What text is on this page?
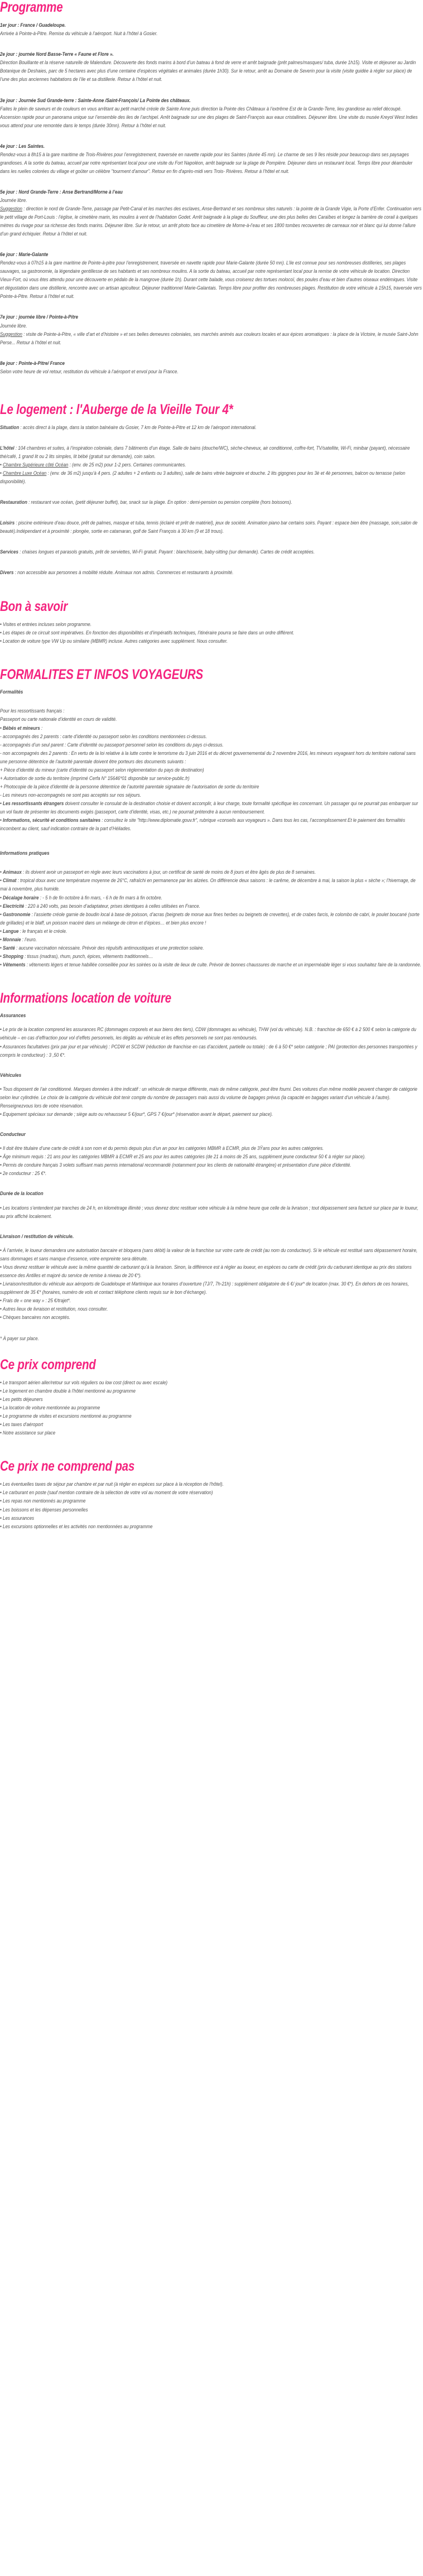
Programme
1er jour : France / Guadeloupe.
Arrivée à Pointe-à-Pitre. Remise du véhicule à l’aéroport. Nuit à l’hôtel à Gosier.
2e jour : journée Nord Basse-Terre « Faune et Flore ».
Direction Bouillante et la réserve naturelle de Malendure. Découverte des fonds marins à bord d’un bateau à fond de verre et arrêt baignade (prêt palmes/masques/ tuba, durée 1h15). Visite et déjeuner au Jardin Botanique de Deshaies, parc de 5 hectares avec plus d’une centaine d’espèces végétales et animales (durée 1h30). Sur le retour, arrêt au Domaine de Severin pour la visite (visite guidée à régler sur place) de l’une des plus anciennes habitations de l’ile et sa distillerie. Retour à l’hôtel et nuit.
3e jour : Journée Sud Grande-terre : Sainte-Anne /Saint-François/ La Pointe des châteaux.
Faites le plein de saveurs et de couleurs en vous arrêtant au petit marché créole de Sainte Anne puis direction la Pointe des Châteaux à l’extrême Est de la Grande-Terre, lieu grandiose au relief découpé. Ascension rapide pour un panorama unique sur l’ensemble des iles de l’archipel. Arrêt baignade sur une des plages de Saint-François aux eaux cristallines. Déjeuner libre. Une visite du musée Kreyol West Indies vous attend pour une remontée dans le temps (durée 30mn). Retour à l’hôtel et nuit.
4e jour : Les Saintes.
Rendez-vous à 8h15 à la gare maritime de Trois-Rivières pour l’enregistrement, traversée en navette rapide pour les Saintes (durée 45 mn). Le charme de ses 9 îles réside pour beaucoup dans ses paysages grandioses. A la sortie du bateau, accueil par notre représentant local pour une visite du Fort Napoléon, arrêt baignade sur la plage de Pompière. Déjeuner dans un restaurant local. Temps libre pour déambuler dans les ruelles colorées du village et goûter un célèbre "tourment d'amour". Retour en fin d'après-midi vers Trois- Rivières. Retour à l’hôtel et nuit.
5e jour : Nord Grande-Terre : Anse Bertrand/Morne à l’eau
Journée libre.
Suggestion : direction le nord de Grande-Terre, passage par Petit-Canal et les marches des esclaves, Anse-Bertrand et ses nombreux sites naturels : la pointe de la Grande Vigie, la Porte d’Enfer. Continuation vers le petit village de Port-Louis : l’église, le cimetière marin, les moulins à vent de l’habitation Godet. Arrêt baignade à la plage du Souffleur, une des plus belles des Caraïbes et longez la barrière de corail à quelques mètres du rivage pour sa richesse des fonds marins. Déjeuner libre. Sur le retour, un arrêt photo face au cimetière de Morne-à-l’eau et ses 1800 tombes recouvertes de carreaux noir et blanc qui lui donne l’allure d’un grand échiquier. Retour à l’hôtel et nuit.
6e jour : Marie-Galante
Rendez-vous à 07h15 à la gare maritime de Pointe-à-pitre pour l’enregistrement, traversée en navette rapide pour Marie-Galante (durée 50 mn). L’ile est connue pour ses nombreuses distilleries, ses plages sauvages, sa gastronomie, la légendaire gentillesse de ses habitants et ses nombreux moulins. A la sortie du bateau, accueil par notre représentant local pour la remise de votre véhicule de location. Direction Vieux-Fort, où vous êtes attendu pour une découverte en pédalo de la mangrove (durée 1h). Durant cette balade, vous croiserez des tortues molocoï, des poules d’eau et bien d’autres oiseaux endémiques. Visite et dégustation dans une distillerie, rencontre avec un artisan apiculteur. Déjeuner traditionnel Marie-Galantais. Temps libre pour profiter des nombreuses plages. Restitution de votre véhicule à 15h15, traversée vers Pointe-à-Pitre. Retour à l’hôtel et nuit.
7e jour : journée libre / Pointe-à-Pitre
Journée libre.
Suggestion : visite de Pointe-à-Pitre, « ville d’art et d’histoire » et ses belles demeures coloniales, ses marchés animés aux couleurs locales et aux épices aromatiques : la place de la Victoire, le musée Saint-John Perse... Retour à l’hôtel et nuit.
8e jour : Pointe-à-Pitre/ France
Selon votre heure de vol retour, restitution du véhicule à l’aéroport et envol pour la France.
Le logement : l'Auberge de la Vieille Tour 4*
Situation : accès direct à la plage, dans la station balnéaire du Gosier, 7 km de Pointe-à-Pitre et 12 km de l’aéroport international.
L’hôtel : 104 chambres et suites, à l’inspiration coloniale, dans 7 bâtiments d’un étage. Salle de bains (douche/WC), sèche-cheveux, air conditionné, coffre-fort, TV/satellite, Wi-Fi, minibar (payant), nécessaire thé/café, 1 grand lit ou 2 lits simples, lit bébé (gratuit sur demande), coin salon.
• Chambre Supérieure côté Océan : (env. de 25 m2) pour 1-2 pers. Certaines communicantes.
• Chambre Luxe Océan : (env. de 36 m2) jusqu’à 4 pers. (2 adultes + 2 enfants ou 3 adultes), salle de bains vitrée baignoire et douche. 2 lits gigognes pour les 3è et 4è personnes, balcon ou terrasse (selon disponibilité).
Restauration : restaurant vue océan, (petit déjeuner buffet), bar, snack sur la plage. En option : demi-pension ou pension complète (hors boissons).
Loisirs : piscine extérieure d’eau douce, prêt de palmes, masque et tuba, tennis (éclairé et prêt de matériel), jeux de société. Animation piano bar certains soirs. Payant : espace bien être (massage, soin,salon de beauté).Indépendant et à proximité : plongée, sortie en catamaran, golf de Saint François à 30 km (9 et 18 trous).
Services : chaises longues et parasols gratuits, prêt de serviettes, Wi-Fi gratuit. Payant : blanchisserie, baby-sitting (sur demande). Cartes de crédit acceptées.
Divers : non accessible aux personnes à mobilité réduite. Animaux non admis. Commerces et restaurants à proximité.
Bon à savoir
• Visites et entrées incluses selon programme.
• Les étapes de ce circuit sont impératives. En fonction des disponibilités et d’impératifs techniques, l’itinéraire pourra se faire dans un ordre différent.
• Location de voiture type VW Up ou similaire (MBMR) incluse. Autres catégories avec supplément. Nous consulter.
FORMALITES ET INFOS VOYAGEURS
Formalités
Pour les ressortissants français :
Passeport ou carte nationale d’identité en cours de validité.
• Bébés et mineurs :
- accompagnés des 2 parents : carte d’identité ou passeport selon les conditions mentionnées ci-dessus.
- accompagnés d’un seul parent : Carte d’identité ou passeport personnel selon les conditions du pays ci-dessus.
- non accompagnés des 2 parents : En vertu de la loi relative à la lutte contre le terrorisme du 3 juin 2016 et du décret gouvernemental du 2 novembre 2016, les mineurs voyageant hors du territoire national sans une personne détentrice de l’autorité parentale doivent être porteurs des documents suivants :
+ Pièce d’identité du mineur (carte d’identité ou passeport selon règlementation du pays de destination)
+ Autorisation de sortie du territoire (imprimé Cerfa N° 15646*01 disponible sur service-public.fr)
+ Photocopie de la pièce d’identité de la personne détentrice de l’autorité parentale signataire de l’autorisation de sortie du territoire
- Les mineurs non-accompagnés ne sont pas acceptés sur nos séjours.
• Les ressortissants étrangers doivent consulter le consulat de la destination choisie et doivent accomplir, à leur charge, toute formalité spécifique les concernant. Un passager qui ne pourrait pas embarquer sur un vol faute de présenter les documents exigés (passeport, carte d’identité, visas, etc.) ne pourrait prétendre à aucun remboursement.
• Informations, sécurité et conditions sanitaires : consultez le site "http://www.diplomatie.gouv.fr", rubrique «conseils aux voyageurs ». Dans tous les cas, l’accomplissement Et le paiement des formalités incombent au client, sauf indication contraire de la part d’Héliades.
Informations pratiques
• Animaux : ils doivent avoir un passeport en règle avec leurs vaccinations à jour, un certificat de santé de moins de 8 jours et être âgés de plus de 8 semaines.
• Climat : tropical doux avec une température moyenne de 26°C, rafraîchi en permanence par les alizées. On différencie deux saisons : le carême, de décembre à mai, la saison la plus « sèche »; l’hivernage, de mai à novembre, plus humide.
• Décalage horaire : - 5 h de fin octobre à fin mars, - 6 h de fin mars à fin octobre.
• Electricité : 220 à 240 volts, pas besoin d’adaptateur, prises identiques à celles utilisées en France.
• Gastronomie : l’assiette créole garnie de boudin local à base de poisson, d’acras (beignets de morue aux fines herbes ou beignets de crevettes), et de crabes farcis, le colombo de cabri, le poulet boucané (sorte de grillades) et le blaff, un poisson macéré dans un mélange de citron et d’épices… et bien plus encore !
• Langue : le français et le créole.
• Monnaie : l’euro.
• Santé : aucune vaccination nécessaire. Prévoir des répulsifs antimoustiques et une protection solaire.
• Shopping : tissus (madras), rhum, punch, épices, vêtements traditionnels…
• Vêtements : vêtements légers et tenue habillée conseillée pour les soirées ou la visite de lieux de culte. Prévoir de bonnes chaussures de marche et un imperméable léger si vous souhaitez faire de la randonnée.
Informations location de voiture
Assurances
• Le prix de la location comprend les assurances RC (dommages corporels et aux biens des tiers), CDW (dommages au véhicule), THW (vol du véhicule). N.B. : franchise de 650 € à 2 500 € selon la catégorie du véhicule – en cas d’effraction pour vol d’effets personnels, les dégâts au véhicule et les effets personnels ne sont pas remboursés.
• Assurances facultatives (prix par jour et par véhicule) : PCDW et SCDW (réduction de franchise en cas d’accident, partielle ou totale) : de 6 à 50 €* selon catégorie ; PAI (protection des personnes transportées y compris le conducteur) : 3 ,50 €*.
Véhicules
• Tous disposent de l’air conditionné. Marques données à titre indicatif : un véhicule de marque différente, mais de même catégorie, peut être fourni. Des voitures d’un même modèle peuvent changer de catégorie selon leur cylindrée. Le choix de la catégorie du véhicule doit tenir compte du nombre de passagers mais aussi du volume de bagages prévus (la capacité en bagages variant d’un véhicule à l’autre). Renseignezvous lors de votre réservation.
• Equipement spéciaux sur demande ; siège auto ou rehausseur 5 €/jour*, GPS 7 €/jour* (réservation avant le départ, paiement sur place).
Conducteur
• Il doit être titulaire d’une carte de crédit à son nom et du permis depuis plus d’un an pour les catégories MBMR à ECMR, plus de 3Ÿans pour les autres catégories.
• Âge minimum requis : 21 ans pour les catégories MBMR à ECMR et 25 ans pour les autres catégories (de 21 à moins de 25 ans, supplément jeune conducteur 50 € à régler sur place).
• Permis de conduire français 3 volets suffisant mais permis international recommandé (notamment pour les clients de nationalité étrangère) et présentation d'une pièce d'identité.
• 2e conducteur : 25 €*.
Durée de la location
• Les locations s’entendent par tranches de 24 h, en kilométrage illimité ; vous devrez donc restituer votre véhicule à la même heure que celle de la livraison ; tout dépassement sera facturé sur place par le loueur, au prix affiché localement.
Livraison / restitution de véhicule.
• À l’arrivée, le loueur demandera une autorisation bancaire et bloquera (sans débit) la valeur de la franchise sur votre carte de crédit (au nom du conducteur). Si le véhicule est restitué sans dépassement horaire, sans dommages et sans manque d’essence, votre empreinte sera détruite.
• Vous devrez restituer le véhicule avec la même quantité de carburant qu’à la livraison. Sinon, la différence est à régler au loueur, en espèces ou carte de crédit (prix du carburant identique au prix des stations essence des Antilles et majoré du service de remise à niveau de 20 €*).
• Livraison/restitution du véhicule aux aéroports de Guadeloupe et Martinique aux horaires d’ouverture (7J/7, 7h-21h) : supplément obligatoire de 6 €/ jour* de location (max. 30 €*). En dehors de ces horaires, supplément de 35 €* (horaires, numéro de vols et contact téléphone clients requis sur le bon d’échange).
• Frais de « one way » : 25 €/trajet*.
• Autres lieux de livraison et restitution, nous consulter.
• Chèques bancaires non acceptés.
* À payer sur place.
Ce prix comprend
• Le transport aérien aller/retour sur vols réguliers ou low cost (direct ou avec escale)
• Le logement en chambre double à l'hôtel mentionné au programme
• Les petits déjeuners
• La location de voiture mentionnée au programme
• Le programme de visites et excursions mentionné au programme
• Les taxes d'aéroport
• Notre assistance sur place
Ce prix ne comprend pas
• Les éventuelles taxes de séjour par chambre et par nuit (à régler en espèces sur place à la réception de l'hôtel).
• Le carburant en poste (sauf mention contraire de la sélection de votre vol au moment de votre réservation)
• Les repas non mentionnés au programme
• Les boissons et les dépenses personnelles
• Les assurances
• Les excursions optionnelles et les activités non mentionnées au programme
